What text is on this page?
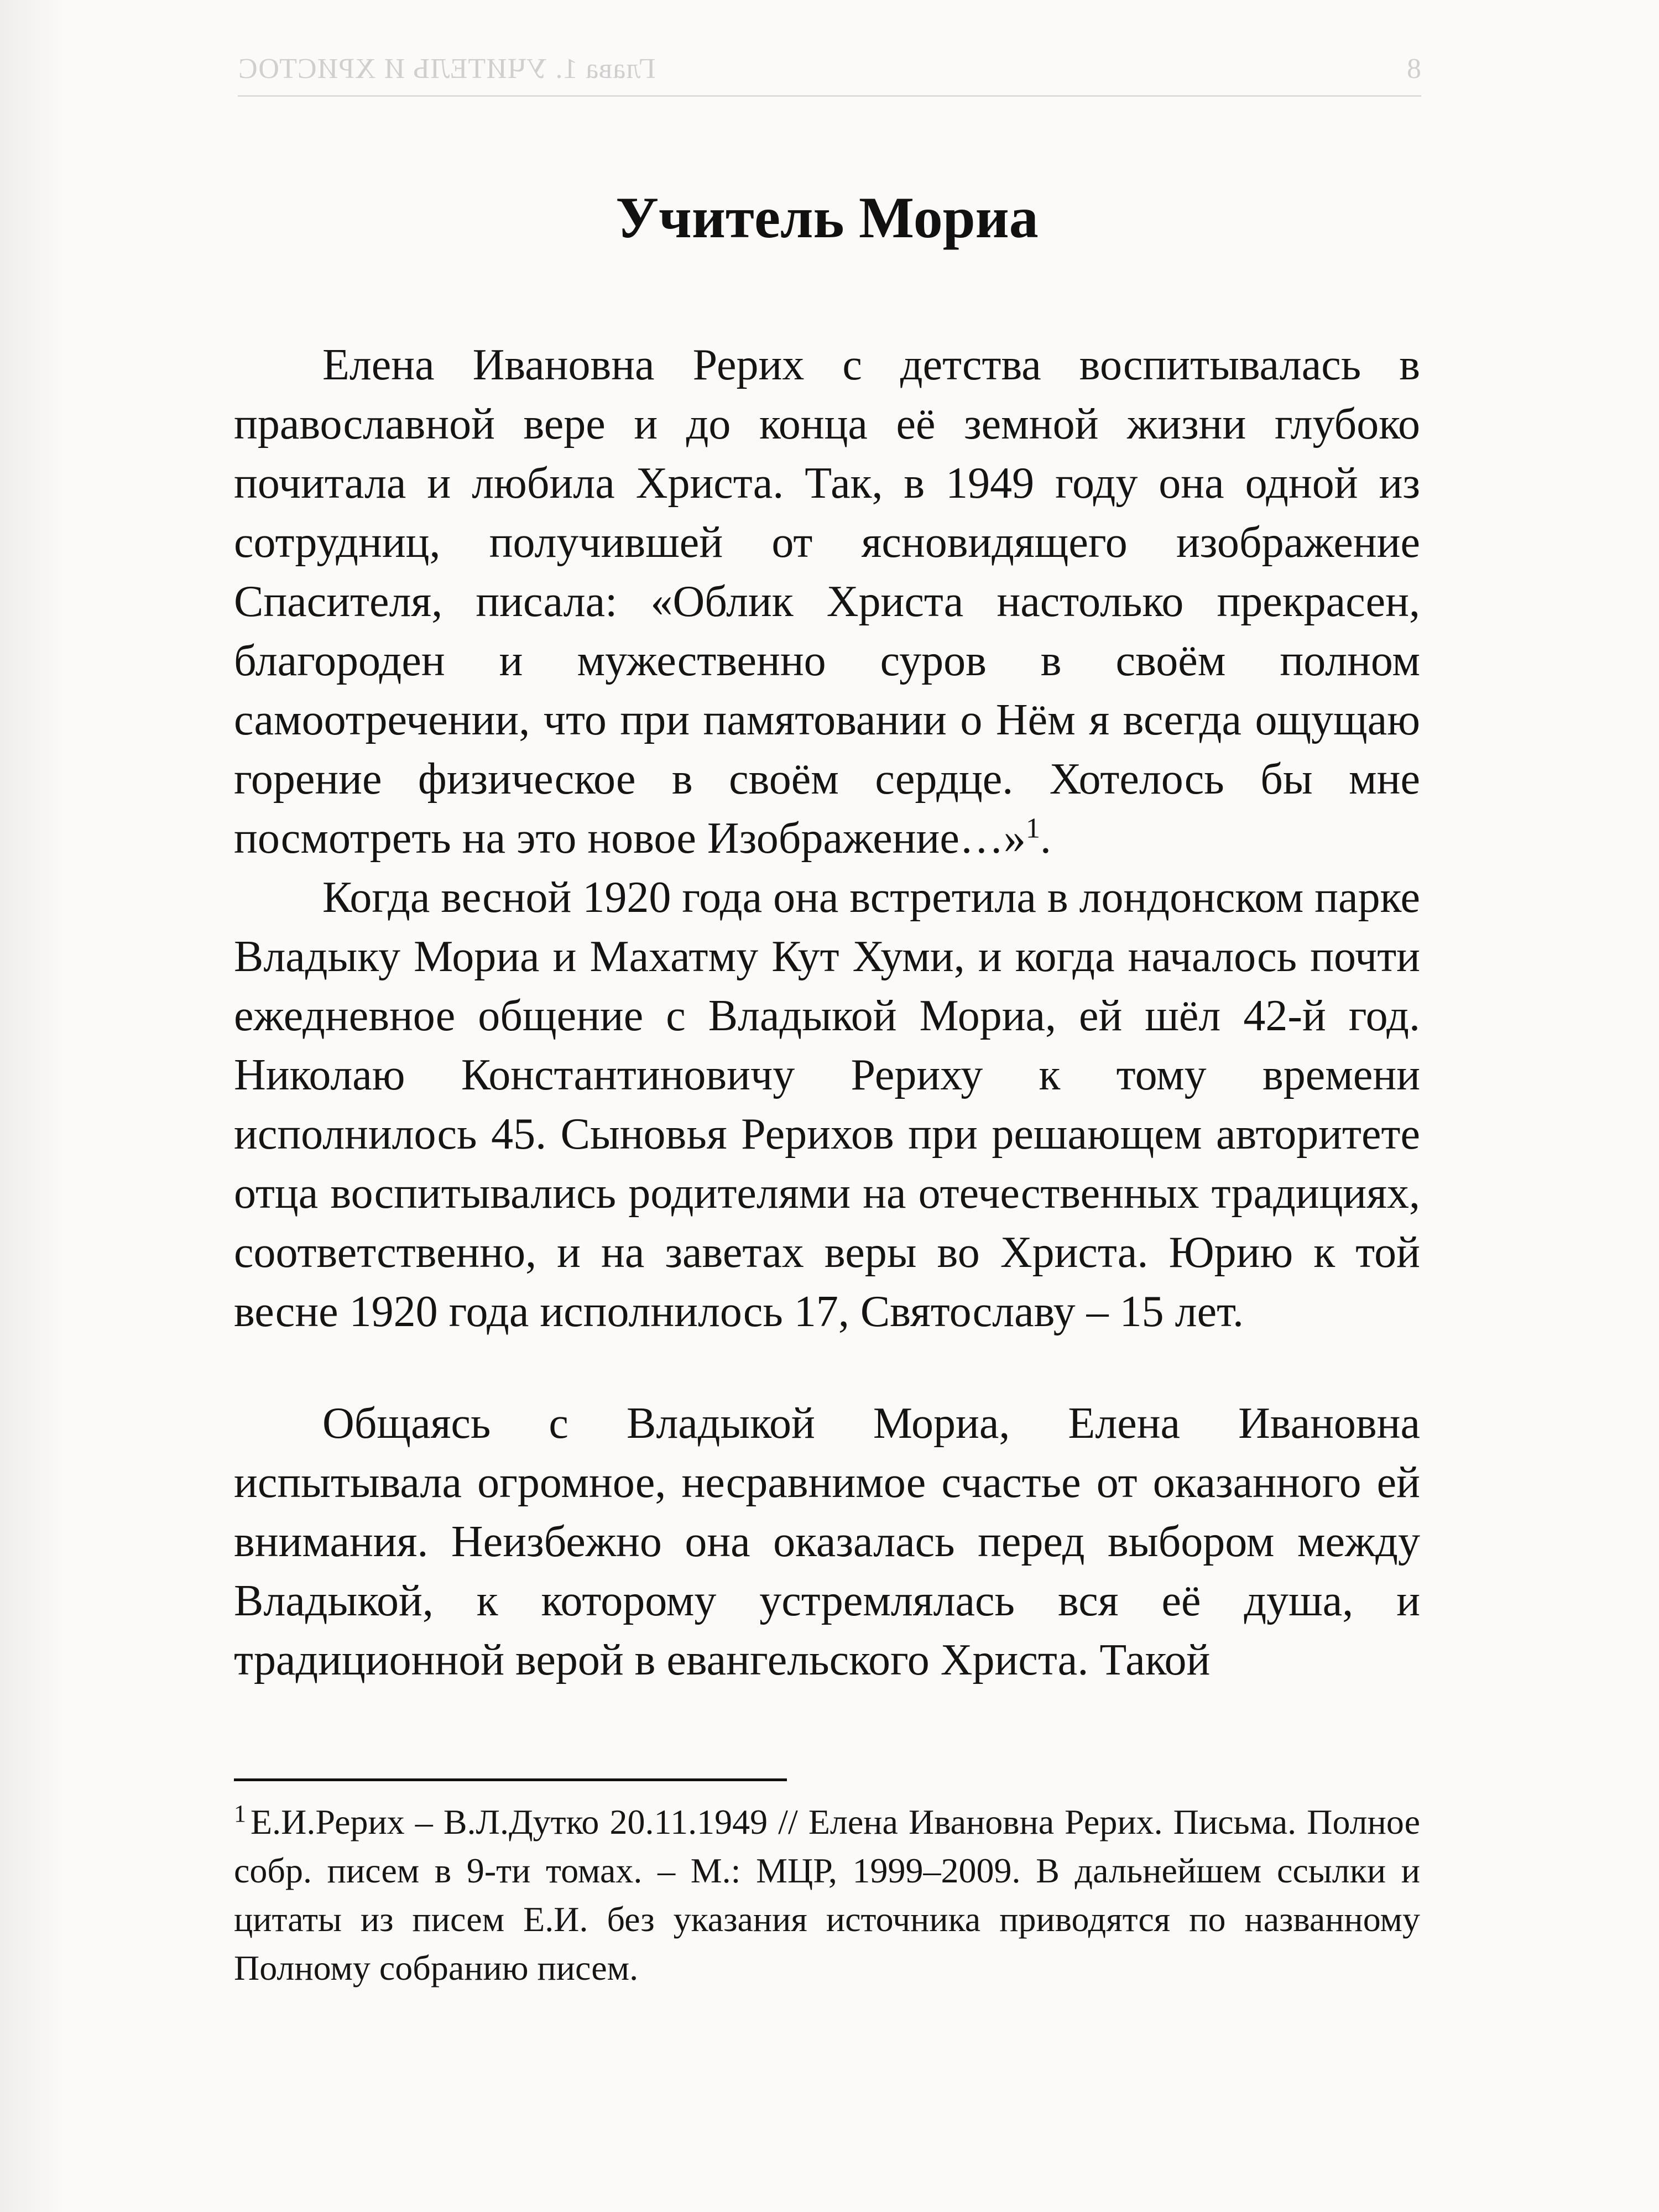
Глава 1. УЧИТЕЛЬ И ХРИСТОС	8
Учитель Мориа

Елена Ивановна Рерих с детства воспитывалась в православной вере и до конца её земной жизни глубоко почитала и любила Христа. Так, в 1949 году она одной из сотрудниц, получившей от ясновидящего изображение Спасителя, писала: «Облик Христа настолько прекрасен, благороден и мужественно суров в своём полном самоотречении, что при памятовании о Нём я всегда ощущаю горение физическое в своём сердце. Хотелось бы мне посмотреть на это новое Изображение…»$^1$.

Когда весной 1920 года она встретила в лондонском парке Владыку Мориа и Махатму Кут Хуми, и когда началось почти ежедневное общение с Владыкой Мориа, ей шёл 42-й год. Николаю Константиновичу Рериху к тому времени исполнилось 45. Сыновья Рерихов при решающем авторитете отца воспитывались родителями на отечественных традициях, соответственно, и на заветах веры во Христа. Юрию к той весне 1920 года исполнилось 17, Святославу – 15 лет.

Общаясь с Владыкой Мориа, Елена Ивановна испытывала огромное, несравнимое счастье от оказанного ей внимания. Неизбежно она оказалась перед выбором между Владыкой, к которому устремлялась вся её душа, и традиционной верой в евангельского Христа. Такой

$^1$ Е.И.Рерих – В.Л.Дутко 20.11.1949 // Елена Ивановна Рерих. Письма. Полное собр. писем в 9-ти томах. – М.: МЦР, 1999–2009. В дальнейшем ссылки и цитаты из писем Е.И. без указания источника приводятся по названному Полному собранию писем.
